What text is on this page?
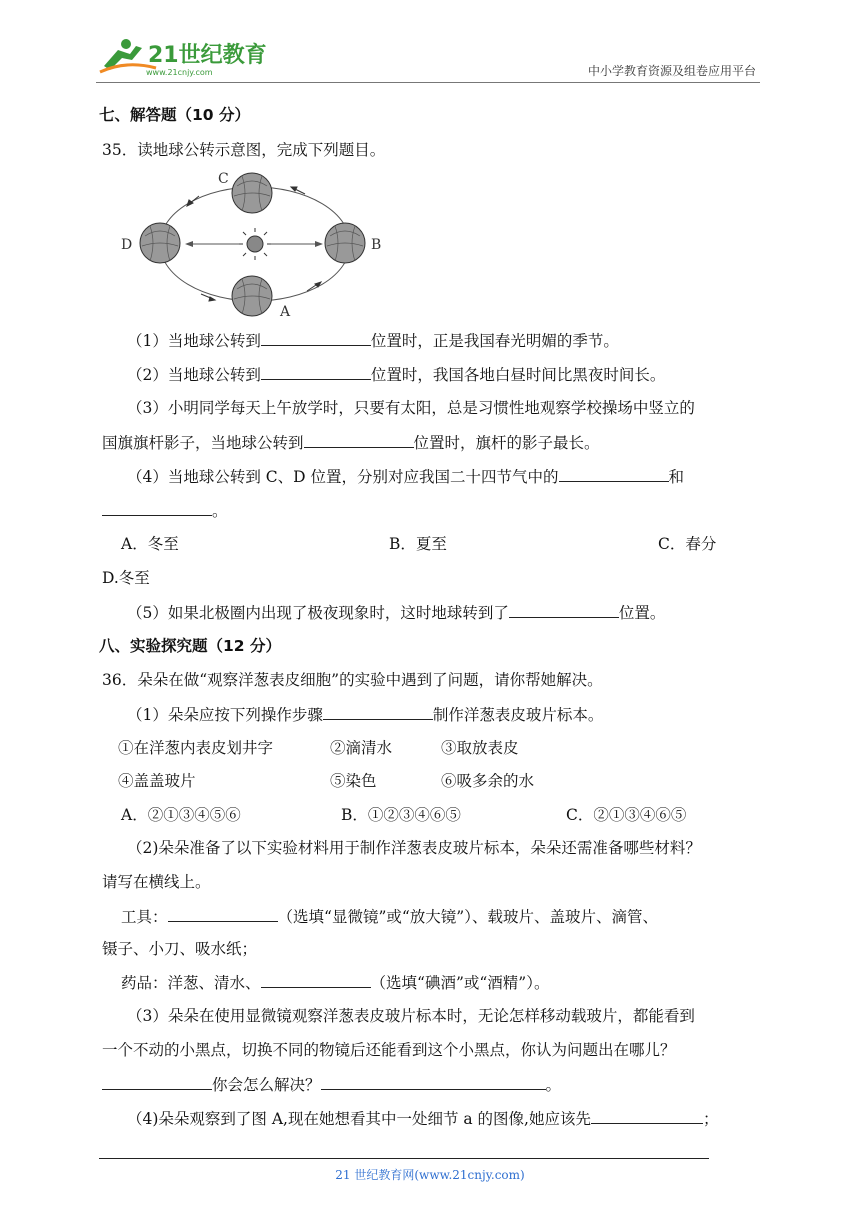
21世纪教育
www.21cnjy.com	中小学教育资源及组卷应用平台
七、解答题（10 分）
35．读地球公转示意图，完成下列题目。
C
D	B
A
（1）当地球公转到	位置时，正是我国春光明媚的季节。
（2）当地球公转到	位置时，我国各地白昼时间比黑夜时间长。
（3）小明同学每天上午放学时，只要有太阳，总是习惯性地观察学校操场中竖立的
国旗旗杆影子，当地球公转到	位置时，旗杆的影子最长。
（4）当地球公转到 C、D 位置，分别对应我国二十四节气中的	和
。
A．冬至	B．夏至	C．春分
D.冬至
（5）如果北极圈内出现了极夜现象时，这时地球转到了	位置。
八、实验探究题（12 分）
36．朵朵在做“观察洋葱表皮细胞”的实验中遇到了问题，请你帮她解决。
（1）朵朵应按下列操作步骤	制作洋葱表皮玻片标本。
①在洋葱内表皮划井字	②滴清水	③取放表皮
④盖盖玻片	⑤染色	⑥吸多余的水
A．②①③④⑤⑥	B．①②③④⑥⑤	C．②①③④⑥⑤
（2)朵朵准备了以下实验材料用于制作洋葱表皮玻片标本，朵朵还需准备哪些材料？
请写在横线上。
工具：	（选填“显微镜”或“放大镜”）、载玻片、盖玻片、滴管、
镊子、小刀、吸水纸；
药品：洋葱、清水、	（选填“碘酒”或“酒精”）。
（3）朵朵在使用显微镜观察洋葱表皮玻片标本时，无论怎样移动载玻片，都能看到
一个不动的小黑点，切换不同的物镜后还能看到这个小黑点，你认为问题出在哪儿？
你会怎么解决？	。
（4)朵朵观察到了图 A,现在她想看其中一处细节 a 的图像,她应该先	；
21 世纪教育网(www.21cnjy.com)
